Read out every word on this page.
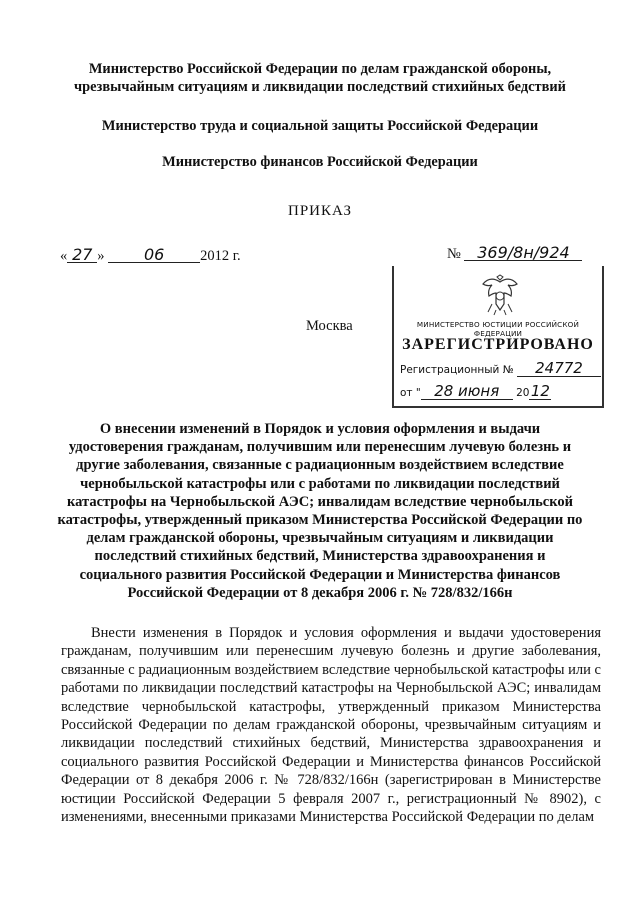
Министерство Российской Федерации по делам гражданской обороны, чрезвычайным ситуациям и ликвидации последствий стихийных бедствий
Министерство труда и социальной защиты Российской Федерации
Министерство финансов Российской Федерации
ПРИКАЗ
« 27 » 06 2012 г.	№ 369/8н/924
Москва	МИНИСТЕРСТВО ЮСТИЦИИ РОССИЙСКОЙ ФЕДЕРАЦИИ
ЗАРЕГИСТРИРОВАНО
Регистрационный № 24772
от " 28 июня 2012
О внесении изменений в Порядок и условия оформления и выдачи удостоверения гражданам, получившим или перенесшим лучевую болезнь и другие заболевания, связанные с радиационным воздействием вследствие чернобыльской катастрофы или с работами по ликвидации последствий катастрофы на Чернобыльской АЭС; инвалидам вследствие чернобыльской катастрофы, утвержденный приказом Министерства Российской Федерации по делам гражданской обороны, чрезвычайным ситуациям и ликвидации последствий стихийных бедствий, Министерства здравоохранения и социального развития Российской Федерации и Министерства финансов Российской Федерации от 8 декабря 2006 г. № 728/832/166н
Внести изменения в Порядок и условия оформления и выдачи удостоверения гражданам, получившим или перенесшим лучевую болезнь и другие заболевания, связанные с радиационным воздействием вследствие чернобыльской катастрофы или с работами по ликвидации последствий катастрофы на Чернобыльской АЭС; инвалидам вследствие чернобыльской катастрофы, утвержденный приказом Министерства Российской Федерации по делам гражданской обороны, чрезвычайным ситуациям и ликвидации последствий стихийных бедствий, Министерства здравоохранения и социального развития Российской Федерации и Министерства финансов Российской Федерации от 8 декабря 2006 г. № 728/832/166н (зарегистрирован в Министерстве юстиции Российской Федерации 5 февраля 2007 г., регистрационный № 8902), с изменениями, внесенными приказами Министерства Российской Федерации по делам
